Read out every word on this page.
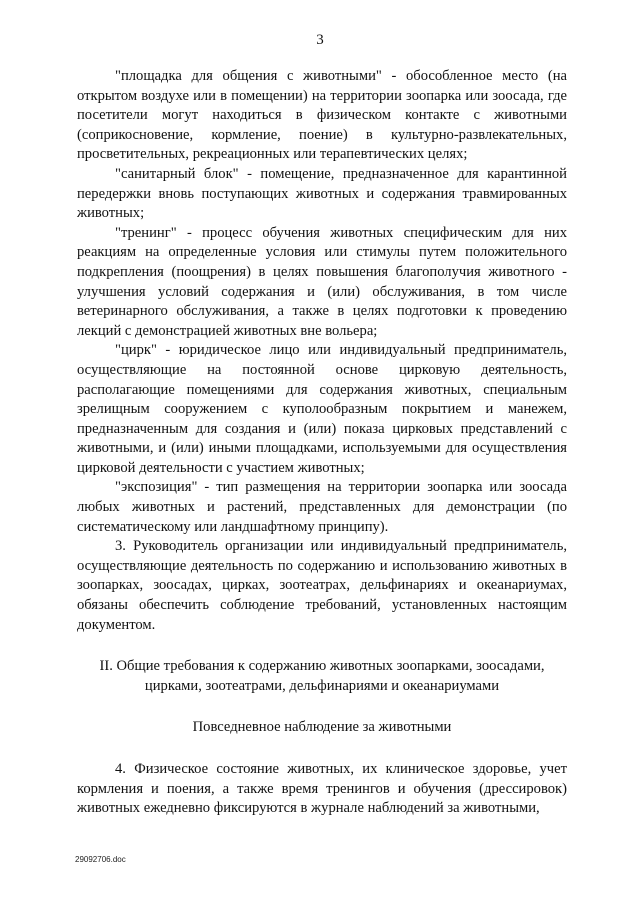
3

"площадка для общения с животными" - обособленное место (на открытом воздухе или в помещении) на территории зоопарка или зоосада, где посетители могут находиться в физическом контакте с животными (соприкосновение, кормление, поение) в культурно-развлекательных, просветительных, рекреационных или терапевтических целях;

"санитарный блок" - помещение, предназначенное для карантинной передержки вновь поступающих животных и содержания травмированных животных;

"тренинг" - процесс обучения животных специфическим для них реакциям на определенные условия или стимулы путем положительного подкрепления (поощрения) в целях повышения благополучия животного - улучшения условий содержания и (или) обслуживания, в том числе ветеринарного обслуживания, а также в целях подготовки к проведению лекций с демонстрацией животных вне вольера;

"цирк" - юридическое лицо или индивидуальный предприниматель, осуществляющие на постоянной основе цирковую деятельность, располагающие помещениями для содержания животных, специальным зрелищным сооружением с куполообразным покрытием и манежем, предназначенным для создания и (или) показа цирковых представлений с животными, и (или) иными площадками, используемыми для осуществления цирковой деятельности с участием животных;

"экспозиция" - тип размещения на территории зоопарка или зоосада любых животных и растений, представленных для демонстрации (по систематическому или ландшафтному принципу).

3. Руководитель организации или индивидуальный предприниматель, осуществляющие деятельность по содержанию и использованию животных в зоопарках, зоосадах, цирках, зоотеатрах, дельфинариях и океанариумах, обязаны обеспечить соблюдение требований, установленных настоящим документом.

II. Общие требования к содержанию животных зоопарками, зоосадами, цирками, зоотеатрами, дельфинариями и океанариумами

Повседневное наблюдение за животными

4. Физическое состояние животных, их клиническое здоровье, учет кормления и поения, а также время тренингов и обучения (дрессировок) животных ежедневно фиксируются в журнале наблюдений за животными,

29092706.doc
